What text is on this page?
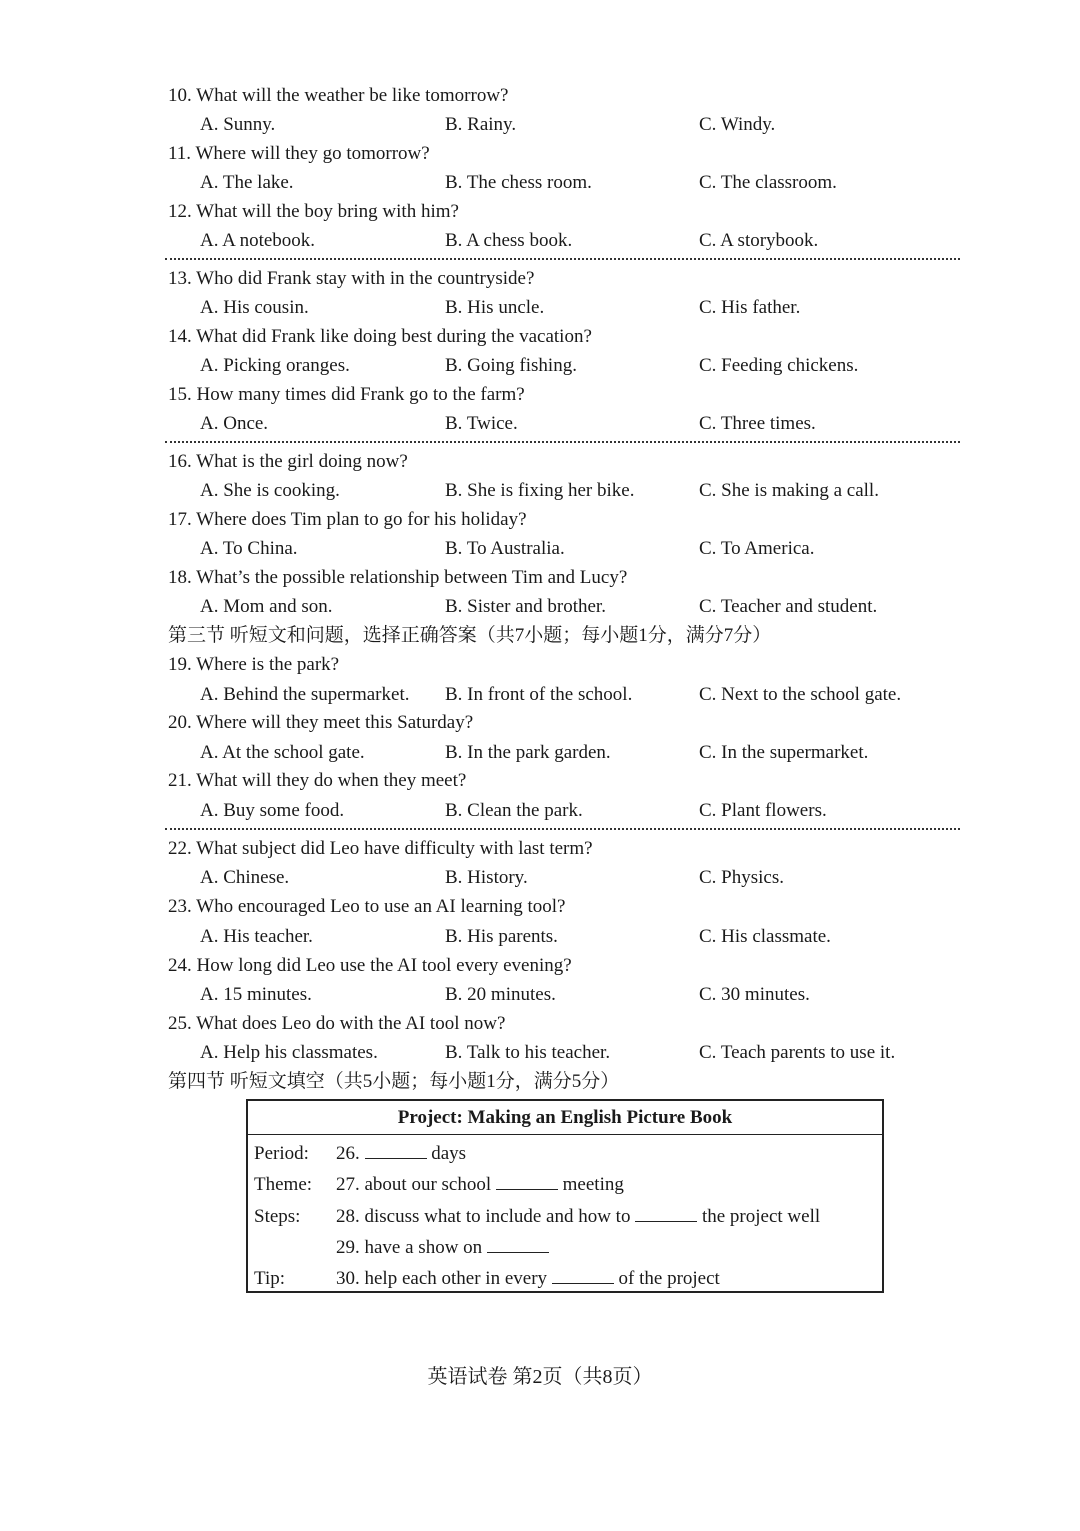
10. What will the weather be like tomorrow?
A. Sunny.	B. Rainy.	C. Windy.
11. Where will they go tomorrow?
A. The lake.	B. The chess room.	C. The classroom.
12. What will the boy bring with him?
A. A notebook.	B. A chess book.	C. A storybook.
13. Who did Frank stay with in the countryside?
A. His cousin.	B. His uncle.	C. His father.
14. What did Frank like doing best during the vacation?
A. Picking oranges.	B. Going fishing.	C. Feeding chickens.
15. How many times did Frank go to the farm?
A. Once.	B. Twice.	C. Three times.
16. What is the girl doing now?
A. She is cooking.	B. She is fixing her bike.	C. She is making a call.
17. Where does Tim plan to go for his holiday?
A. To China.	B. To Australia.	C. To America.
18. What’s the possible relationship between Tim and Lucy?
A. Mom and son.	B. Sister and brother.	C. Teacher and student.
第三节 听短文和问题，选择正确答案（共7小题；每小题1分，满分7分）
19. Where is the park?
A. Behind the supermarket. B. In front of the school.	C. Next to the school gate.
20. Where will they meet this Saturday?
A. At the school gate.	B. In the park garden.	C. In the supermarket.
21. What will they do when they meet?
A. Buy some food.	B. Clean the park.	C. Plant flowers.
22. What subject did Leo have difficulty with last term?
A. Chinese.	B. History.	C. Physics.
23. Who encouraged Leo to use an AI learning tool?
A. His teacher.	B. His parents.	C. His classmate.
24. How long did Leo use the AI tool every evening?
A. 15 minutes.	B. 20 minutes.	C. 30 minutes.
25. What does Leo do with the AI tool now?
A. Help his classmates.	B. Talk to his teacher.	C. Teach parents to use it.
第四节 听短文填空（共5小题；每小题1分，满分5分）
Project: Making an English Picture Book
Period: 26.	days
Theme: 27. about our school	meeting
Steps: 28. discuss what to include and how to	the project well
29. have a show on
Tip:	30. help each other in every	of the project
英语试卷 第2页（共8页）
